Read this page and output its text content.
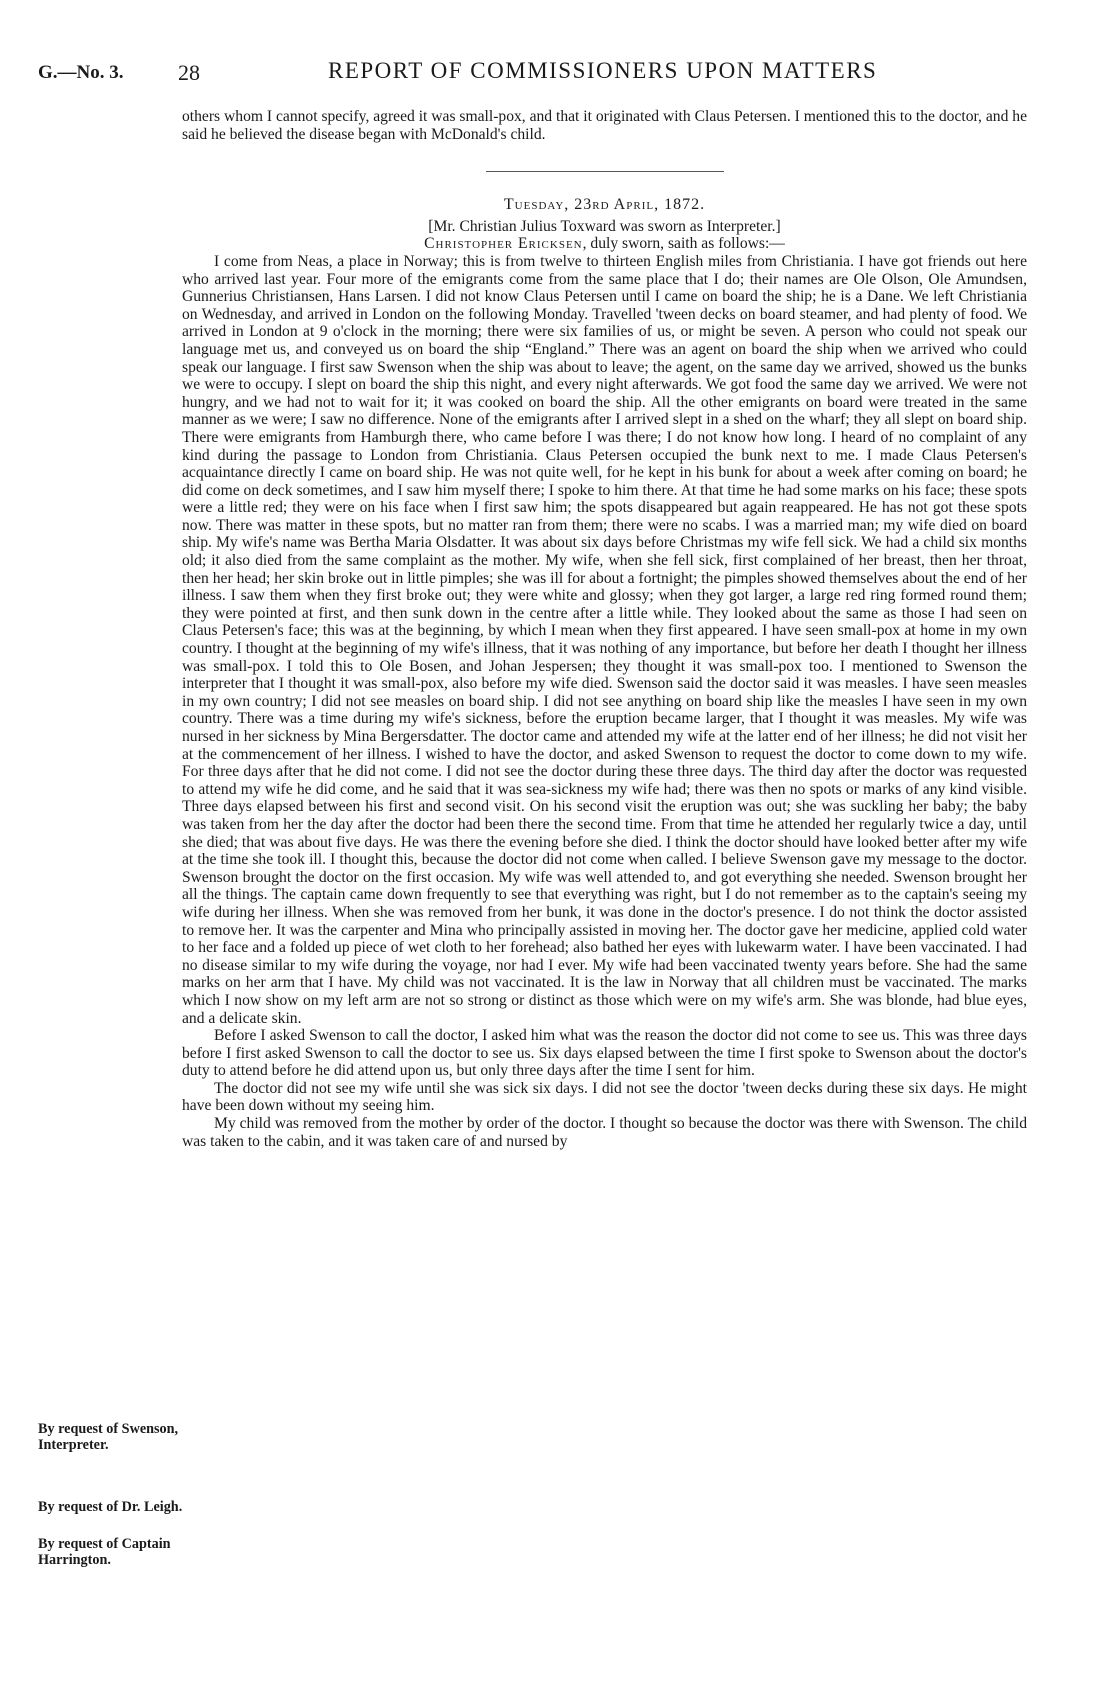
G.—No. 3. 28	REPORT OF COMMISSIONERS UPON MATTERS

others whom I cannot specify, agreed it was small-pox, and that it originated with Claus Petersen. I mentioned this to the doctor, and he said he believed the disease began with McDonald's child.

Tuesday, 23rd April, 1872.

[Mr. Christian Julius Toxward was sworn as Interpreter.]

Christopher Ericksen, duly sworn, saith as follows:—

I come from Neas, a place in Norway; this is from twelve to thirteen English miles from Christiania. I have got friends out here who arrived last year. Four more of the emigrants come from the same place that I do; their names are Ole Olson, Ole Amundsen, Gunnerius Christiansen, Hans Larsen. I did not know Claus Petersen until I came on board the ship; he is a Dane. We left Christiania on Wednesday, and arrived in London on the following Monday. Travelled 'tween decks on board steamer, and had plenty of food. We arrived in London at 9 o'clock in the morning; there were six families of us, or might be seven. A person who could not speak our language met us, and conveyed us on board the ship “England.” There was an agent on board the ship when we arrived who could speak our language. I first saw Swenson when the ship was about to leave; the agent, on the same day we arrived, showed us the bunks we were to occupy. I slept on board the ship this night, and every night afterwards. We got food the same day we arrived. We were not hungry, and we had not to wait for it; it was cooked on board the ship. All the other emigrants on board were treated in the same manner as we were; I saw no difference. None of the emigrants after I arrived slept in a shed on the wharf; they all slept on board ship. There were emigrants from Hamburgh there, who came before I was there; I do not know how long. I heard of no complaint of any kind during the passage to London from Christiania. Claus Petersen occupied the bunk next to me. I made Claus Petersen's acquaintance directly I came on board ship. He was not quite well, for he kept in his bunk for about a week after coming on board; he did come on deck sometimes, and I saw him myself there; I spoke to him there. At that time he had some marks on his face; these spots were a little red; they were on his face when I first saw him; the spots disappeared but again reappeared. He has not got these spots now. There was matter in these spots, but no matter ran from them; there were no scabs. I was a married man; my wife died on board ship. My wife's name was Bertha Maria Olsdatter. It was about six days before Christmas my wife fell sick. We had a child six months old; it also died from the same complaint as the mother. My wife, when she fell sick, first complained of her breast, then her throat, then her head; her skin broke out in little pimples; she was ill for about a fortnight; the pimples showed themselves about the end of her illness. I saw them when they first broke out; they were white and glossy; when they got larger, a large red ring formed round them; they were pointed at first, and then sunk down in the centre after a little while. They looked about the same as those I had seen on Claus Petersen's face; this was at the beginning, by which I mean when they first appeared. I have seen small-pox at home in my own country. I thought at the beginning of my wife's illness, that it was nothing of any importance, but before her death I thought her illness was small-pox. I told this to Ole Bosen, and Johan Jespersen; they thought it was small-pox too. I mentioned to Swenson the interpreter that I thought it was small-pox, also before my wife died. Swenson said the doctor said it was measles. I have seen measles in my own country; I did not see measles on board ship. I did not see anything on board ship like the measles I have seen in my own country. There was a time during my wife's sickness, before the eruption became larger, that I thought it was measles. My wife was nursed in her sickness by Mina Bergersdatter. The doctor came and attended my wife at the latter end of her illness; he did not visit her at the commencement of her illness. I wished to have the doctor, and asked Swenson to request the doctor to come down to my wife. For three days after that he did not come. I did not see the doctor during these three days. The third day after the doctor was requested to attend my wife he did come, and he said that it was sea-sickness my wife had; there was then no spots or marks of any kind visible. Three days elapsed between his first and second visit. On his second visit the eruption was out; she was suckling her baby; the baby was taken from her the day after the doctor had been there the second time. From that time he attended her regularly twice a day, until she died; that was about five days. He was there the evening before she died. I think the doctor should have looked better after my wife at the time she took ill. I thought this, because the doctor did not come when called. I believe Swenson gave my message to the doctor. Swenson brought the doctor on the first occasion. My wife was well attended to, and got everything she needed. Swenson brought her all the things. The captain came down frequently to see that everything was right, but I do not remember as to the captain's seeing my wife during her illness. When she was removed from her bunk, it was done in the doctor's presence. I do not think the doctor assisted to remove her. It was the carpenter and Mina who principally assisted in moving her. The doctor gave her medicine, applied cold water to her face and a folded up piece of wet cloth to her forehead; also bathed her eyes with lukewarm water. I have been vaccinated. I had no disease similar to my wife during the voyage, nor had I ever. My wife had been vaccinated twenty years before. She had the same marks on her arm that I have. My child was not vaccinated. It is the law in Norway that all children must be vaccinated. The marks which I now show on my left arm are not so strong or distinct as those which were on my wife's arm. She was blonde, had blue eyes, and a delicate skin.

Before I asked Swenson to call the doctor, I asked him what was the reason the doctor did not come to see us. This was three days before I first asked Swenson to call the doctor to see us. Six days elapsed between the time I first spoke to Swenson about the doctor's duty to attend before he did attend upon us, but only three days after the time I sent for him.

The doctor did not see my wife until she was sick six days. I did not see the doctor 'tween decks during these six days. He might have been down without my seeing him.

My child was removed from the mother by order of the doctor. I thought so because the doctor was there with Swenson. The child was taken to the cabin, and it was taken care of and nursed by

By request of Swenson, Interpreter.
By request of Dr. Leigh.
By request of Captain Harrington.
